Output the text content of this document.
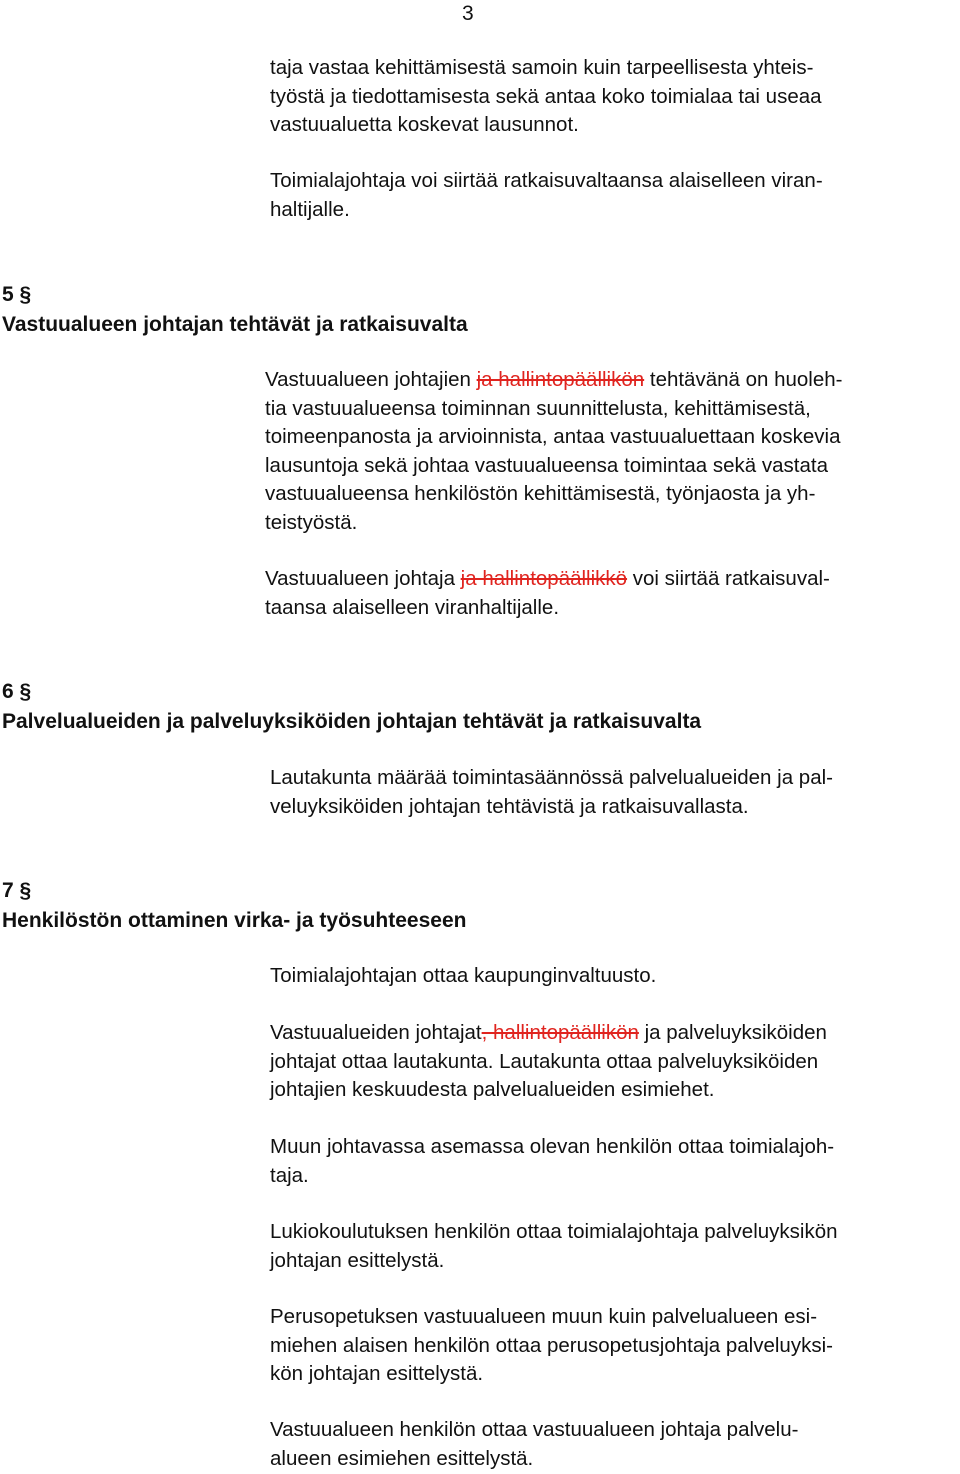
3
taja vastaa kehittämisestä samoin kuin tarpeellisesta yhteis-
työstä ja tiedottamisesta sekä antaa koko toimialaa tai useaa
vastuualuetta koskevat lausunnot.
Toimialajohtaja voi siirtää ratkaisuvaltaansa alaiselleen viran-
haltijalle.
5 §
Vastuualueen johtajan tehtävät ja ratkaisuvalta
Vastuualueen johtajien ja hallintopäällikön tehtävänä on huoleh-
tia vastuualueensa toiminnan suunnittelusta, kehittämisestä,
toimeenpanosta ja arvioinnista, antaa vastuualuettaan koskevia
lausuntoja sekä johtaa vastuualueensa toimintaa sekä vastata
vastuualueensa henkilöstön kehittämisestä, työnjaosta ja yh-
teistyöstä.
Vastuualueen johtaja ja hallintopäällikkö voi siirtää ratkaisuval-
taansa alaiselleen viranhaltijalle.
6 §
Palvelualueiden ja palveluyksiköiden johtajan tehtävät ja ratkaisuvalta
Lautakunta määrää toimintasäännössä palvelualueiden ja pal-
veluyksiköiden johtajan tehtävistä ja ratkaisuvallasta.
7 §
Henkilöstön ottaminen virka- ja työsuhteeseen
Toimialajohtajan ottaa kaupunginvaltuusto.
Vastuualueiden johtajat, hallintopäällikön ja palveluyksiköiden
johtajat ottaa lautakunta. Lautakunta ottaa palveluyksiköiden
johtajien keskuudesta palvelualueiden esimiehet.
Muun johtavassa asemassa olevan henkilön ottaa toimialajoh-
taja.
Lukiokoulutuksen henkilön ottaa toimialajohtaja palveluyksikön
johtajan esittelystä.
Perusopetuksen vastuualueen muun kuin palvelualueen esi-
miehen alaisen henkilön ottaa perusopetusjohtaja palveluyksi-
kön johtajan esittelystä.
Vastuualueen henkilön ottaa vastuualueen johtaja palvelu-
alueen esimiehen esittelystä.
